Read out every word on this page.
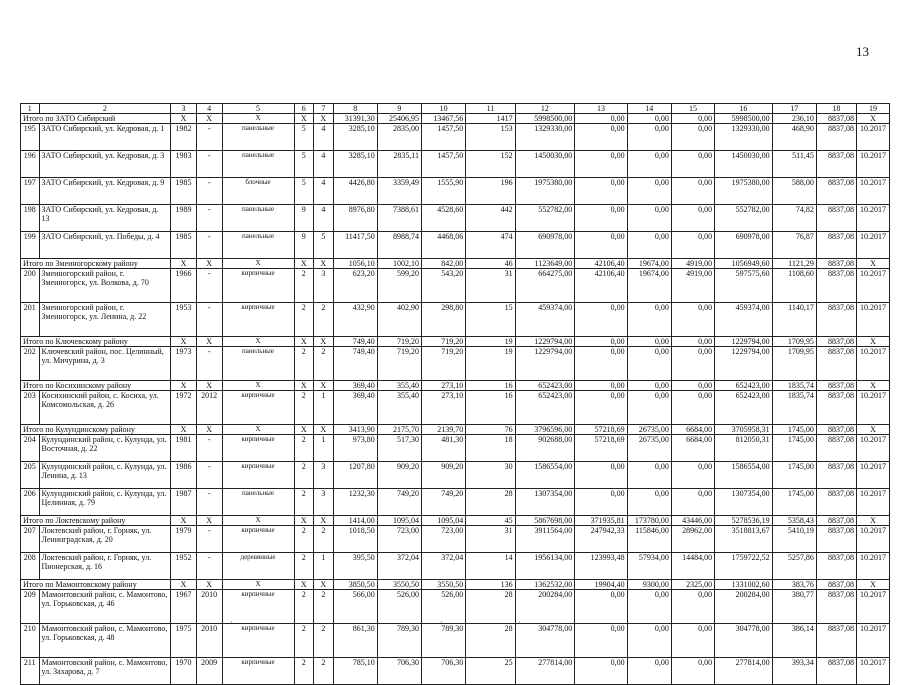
13
1	2	3	4	5	6	7	8	9	10	11	12	13	14	15	16	17	18	19
Итого по ЗАТО Сибирский		X	X	X	X	X	31391,30	25406,95	13467,56	1417	5998500,00	0,00	0,00	0,00	5998500,00	236,10	8837,08	X
195	ЗАТО Сибирский, ул. Кедровая, д. 1	1982	-	панельные	5	4	3285,10	2835,00	1457,50	153	1329330,00	0,00	0,00	0,00	1329330,00	468,90	8837,08	10.2017
196	ЗАТО Сибирский, ул. Кедровая, д. 3	1983	-	панельные	5	4	3285,10	2835,11	1457,50	152	1450030,00	0,00	0,00	0,00	1450030,00	511,45	8837,08	10.2017
197	ЗАТО Сибирский, ул. Кедровая, д. 9	1985	-	блочные	5	4	4426,80	3359,49	1555,90	196	1975380,00	0,00	0,00	0,00	1975380,00	588,00	8837,08	10.2017
198	ЗАТО Сибирский, ул. Кедровая, д. 13	1989	-	панельные	9	4	8976,80	7388,61	4528,60	442	552782,00	0,00	0,00	0,00	552782,00	74,82	8837,08	10.2017
199	ЗАТО Сибирский, ул. Победы, д. 4	1985	-	панельные	9	5	11417,50	8988,74	4468,06	474	690978,00	0,00	0,00	0,00	690978,00	76,87	8837,08	10.2017
Итого по Змеиногорскому району		X	X	X	X	X	1056,10	1002,10	842,00	46	1123649,00	42106,40	19674,00	4919,00	1056949,60	1121,29	8837,08	X
200	Змеиногорский район, г. Змеиногорск, ул. Волкова, д. 70	1966	-	кирпичные	2	3	623,20	599,20	543,20	31	664275,00	42106,40	19674,00	4919,00	597575,60	1108,60	8837,08	10.2017
201	Змеиногорский район, г. Змеиногорск, ул. Ленина, д. 22	1953	-	кирпичные	2	2	432,90	402,90	298,80	15	459374,00	0,00	0,00	0,00	459374,00	1140,17	8837,08	10.2017
Итого по Ключевскому району		X	X	X	X	X	749,40	719,20	719,20	19	1229794,00	0,00	0,00	0,00	1229794,00	1709,95	8837,08	X
202	Ключевский район, пос. Целинный, ул. Мичурина, д. 3	1973	-	панельные	2	2	749,40	719,20	719,20	19	1229794,00	0,00	0,00	0,00	1229794,00	1709,95	8837,08	10.2017
Итого по Косихинскому району		X	X	X	X	X	369,40	355,40	273,10	16	652423,00	0,00	0,00	0,00	652423,00	1835,74	8837,08	X
203	Косихинский район, с. Косиха, ул. Комсомольская, д. 26	1972	2012	кирпичные	2	1	369,40	355,40	273,10	16	652423,00	0,00	0,00	0,00	652423,00	1835,74	8837,08	10.2017
Итого по Кулундинскому району		X	X	X	X	X	3413,90	2175,70	2139,70	76	3796596,00	57218,69	26735,00	6684,00	3705958,31	1745,00	8837,08	X
204	Кулундинский район, с. Кулунда, ул. Восточная, д. 22	1981	-	кирпичные	2	1	973,80	517,30	481,30	18	902688,00	57218,69	26735,00	6684,00	812050,31	1745,00	8837,08	10.2017
205	Кулундинский район, с. Кулунда, ул. Ленина, д. 13	1986	-	кирпичные	2	3	1207,80	909,20	909,20	30	1586554,00	0,00	0,00	0,00	1586554,00	1745,00	8837,08	10.2017
206	Кулундинский район, с. Кулунда, ул. Целинная, д. 79	1987	-	панельные	2	3	1232,30	749,20	749,20	28	1307354,00	0,00	0,00	0,00	1307354,00	1745,00	8837,08	10.2017
Итого по Локтевскому району		X	X	X	X	X	1414,00	1095,04	1095,04	45	5867698,00	371935,81	173780,00	43446,00	5278536,19	5358,43	8837,08	X
207	Локтевский район, г. Горняк, ул. Ленинградская, д. 20	1979	-	кирпичные	2	2	1018,50	723,00	723,00	31	3911564,00	247942,33	115846,00	28962,00	3518813,67	5410,19	8837,08	10.2017
208	Локтевский район, г. Горняк, ул. Пионерская, д. 16	1952	-	деревянные	2	1	395,50	372,04	372,04	14	1956134,00	123993,48	57934,00	14484,00	1759722,52	5257,86	8837,08	10.2017
Итого по Мамонтовскому району		X	X	X	X	X	3850,50	3550,50	3550,50	136	1362532,00	19904,40	9300,00	2325,00	1331002,60	383,76	8837,08	X
209	Мамонтовский район, с. Мамонтово, ул. Горьковская, д. 46	1967	2010	кирпичные	2	2	566,00	526,00	526,00	28	200284,00	0,00	0,00	0,00	200284,00	380,77	8837,08	10.2017
210	Мамонтовский район, с. Мамонтово, ул. Горьковская, д. 48	1975	2010	кирпичные	2	2	861,30	789,30	789,30	28	304778,00	0,00	0,00	0,00	304778,00	386,14	8837,08	10.2017
211	Мамонтовский район, с. Мамонтово, ул. Захарова, д. 7	1970	2009	кирпичные	2	2	785,10	706,30	706,30	25	277814,00	0,00	0,00	0,00	277814,00	393,34	8837,08	10.2017
·	·	·
